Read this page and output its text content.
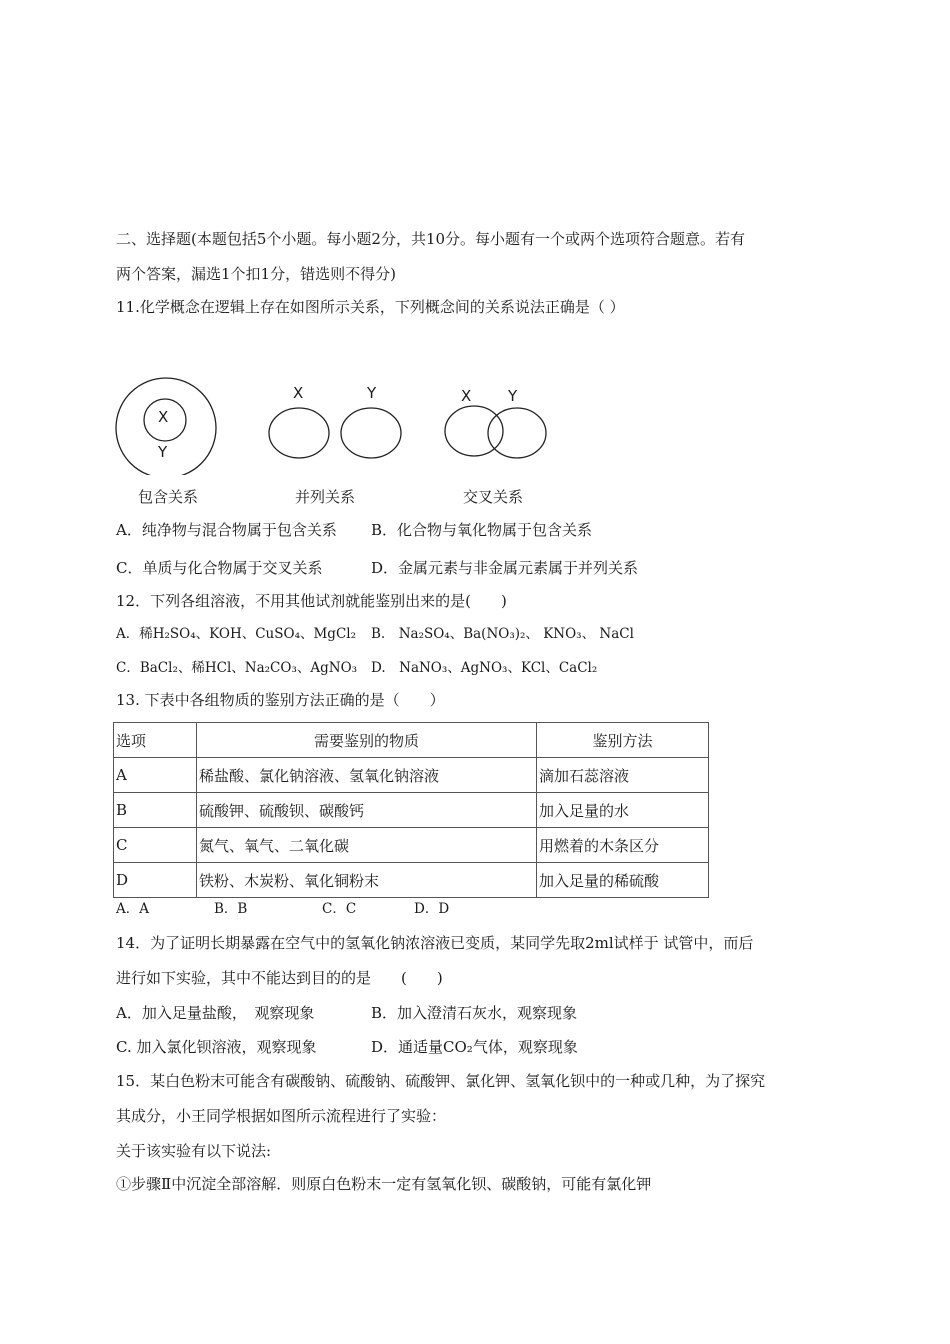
二、选择题(本题包括5个小题。每小题2分，共10分。每小题有一个或两个选项符合题意。若有
两个答案，漏选1个扣1分，错选则不得分)
11.化学概念在逻辑上存在如图所示关系，下列概念间的关系说法正确是（ ）
X
Y
X	Y	X Y
包含关系	并列关系	交叉关系
A．纯净物与混合物属于包含关系 B．化合物与氧化物属于包含关系
C．单质与化合物属于交叉关系	D．金属元素与非金属元素属于并列关系
12．下列各组溶液，不用其他试剂就能鉴别出来的是(　　)
A．稀H₂SO₄、KOH、CuSO₄、MgCl₂ B.　Na₂SO₄、Ba(NO₃)₂、 KNO₃、 NaCl
C．BaCl₂、稀HCl、Na₂CO₃、AgNO₃ D.　NaNO₃、AgNO₃、KCl、CaCl₂
13. 下表中各组物质的鉴别方法正确的是（　　）
选项	需要鉴别的物质	鉴别方法
A	稀盐酸、氯化钠溶液、氢氧化钠溶液	滴加石蕊溶液
B	硫酸钾、硫酸钡、碳酸钙	加入足量的水
C	氮气、氧气、二氧化碳	用燃着的木条区分
D	铁粉、木炭粉、氧化铜粉末	加入足量的稀硫酸
A．A	B．B	C．C	D．D
14．为了证明长期暴露在空气中的氢氧化钠浓溶液已变质，某同学先取2ml试样于 试管中，而后
进行如下实验，其中不能达到目的的是　　(　　)
A．加入足量盐酸，　观察现象	B．加入澄清石灰水，观察现象
C. 加入氯化钡溶液，观察现象	D．通适量CO₂气体，观察现象
15．某白色粉末可能含有碳酸钠、硫酸钠、硫酸钾、氯化钾、氢氧化钡中的一种或几种，为了探究
其成分，小王同学根据如图所示流程进行了实验：
关于该实验有以下说法:
①步骤Ⅱ中沉淀全部溶解．则原白色粉末一定有氢氧化钡、碳酸钠，可能有氯化钾
